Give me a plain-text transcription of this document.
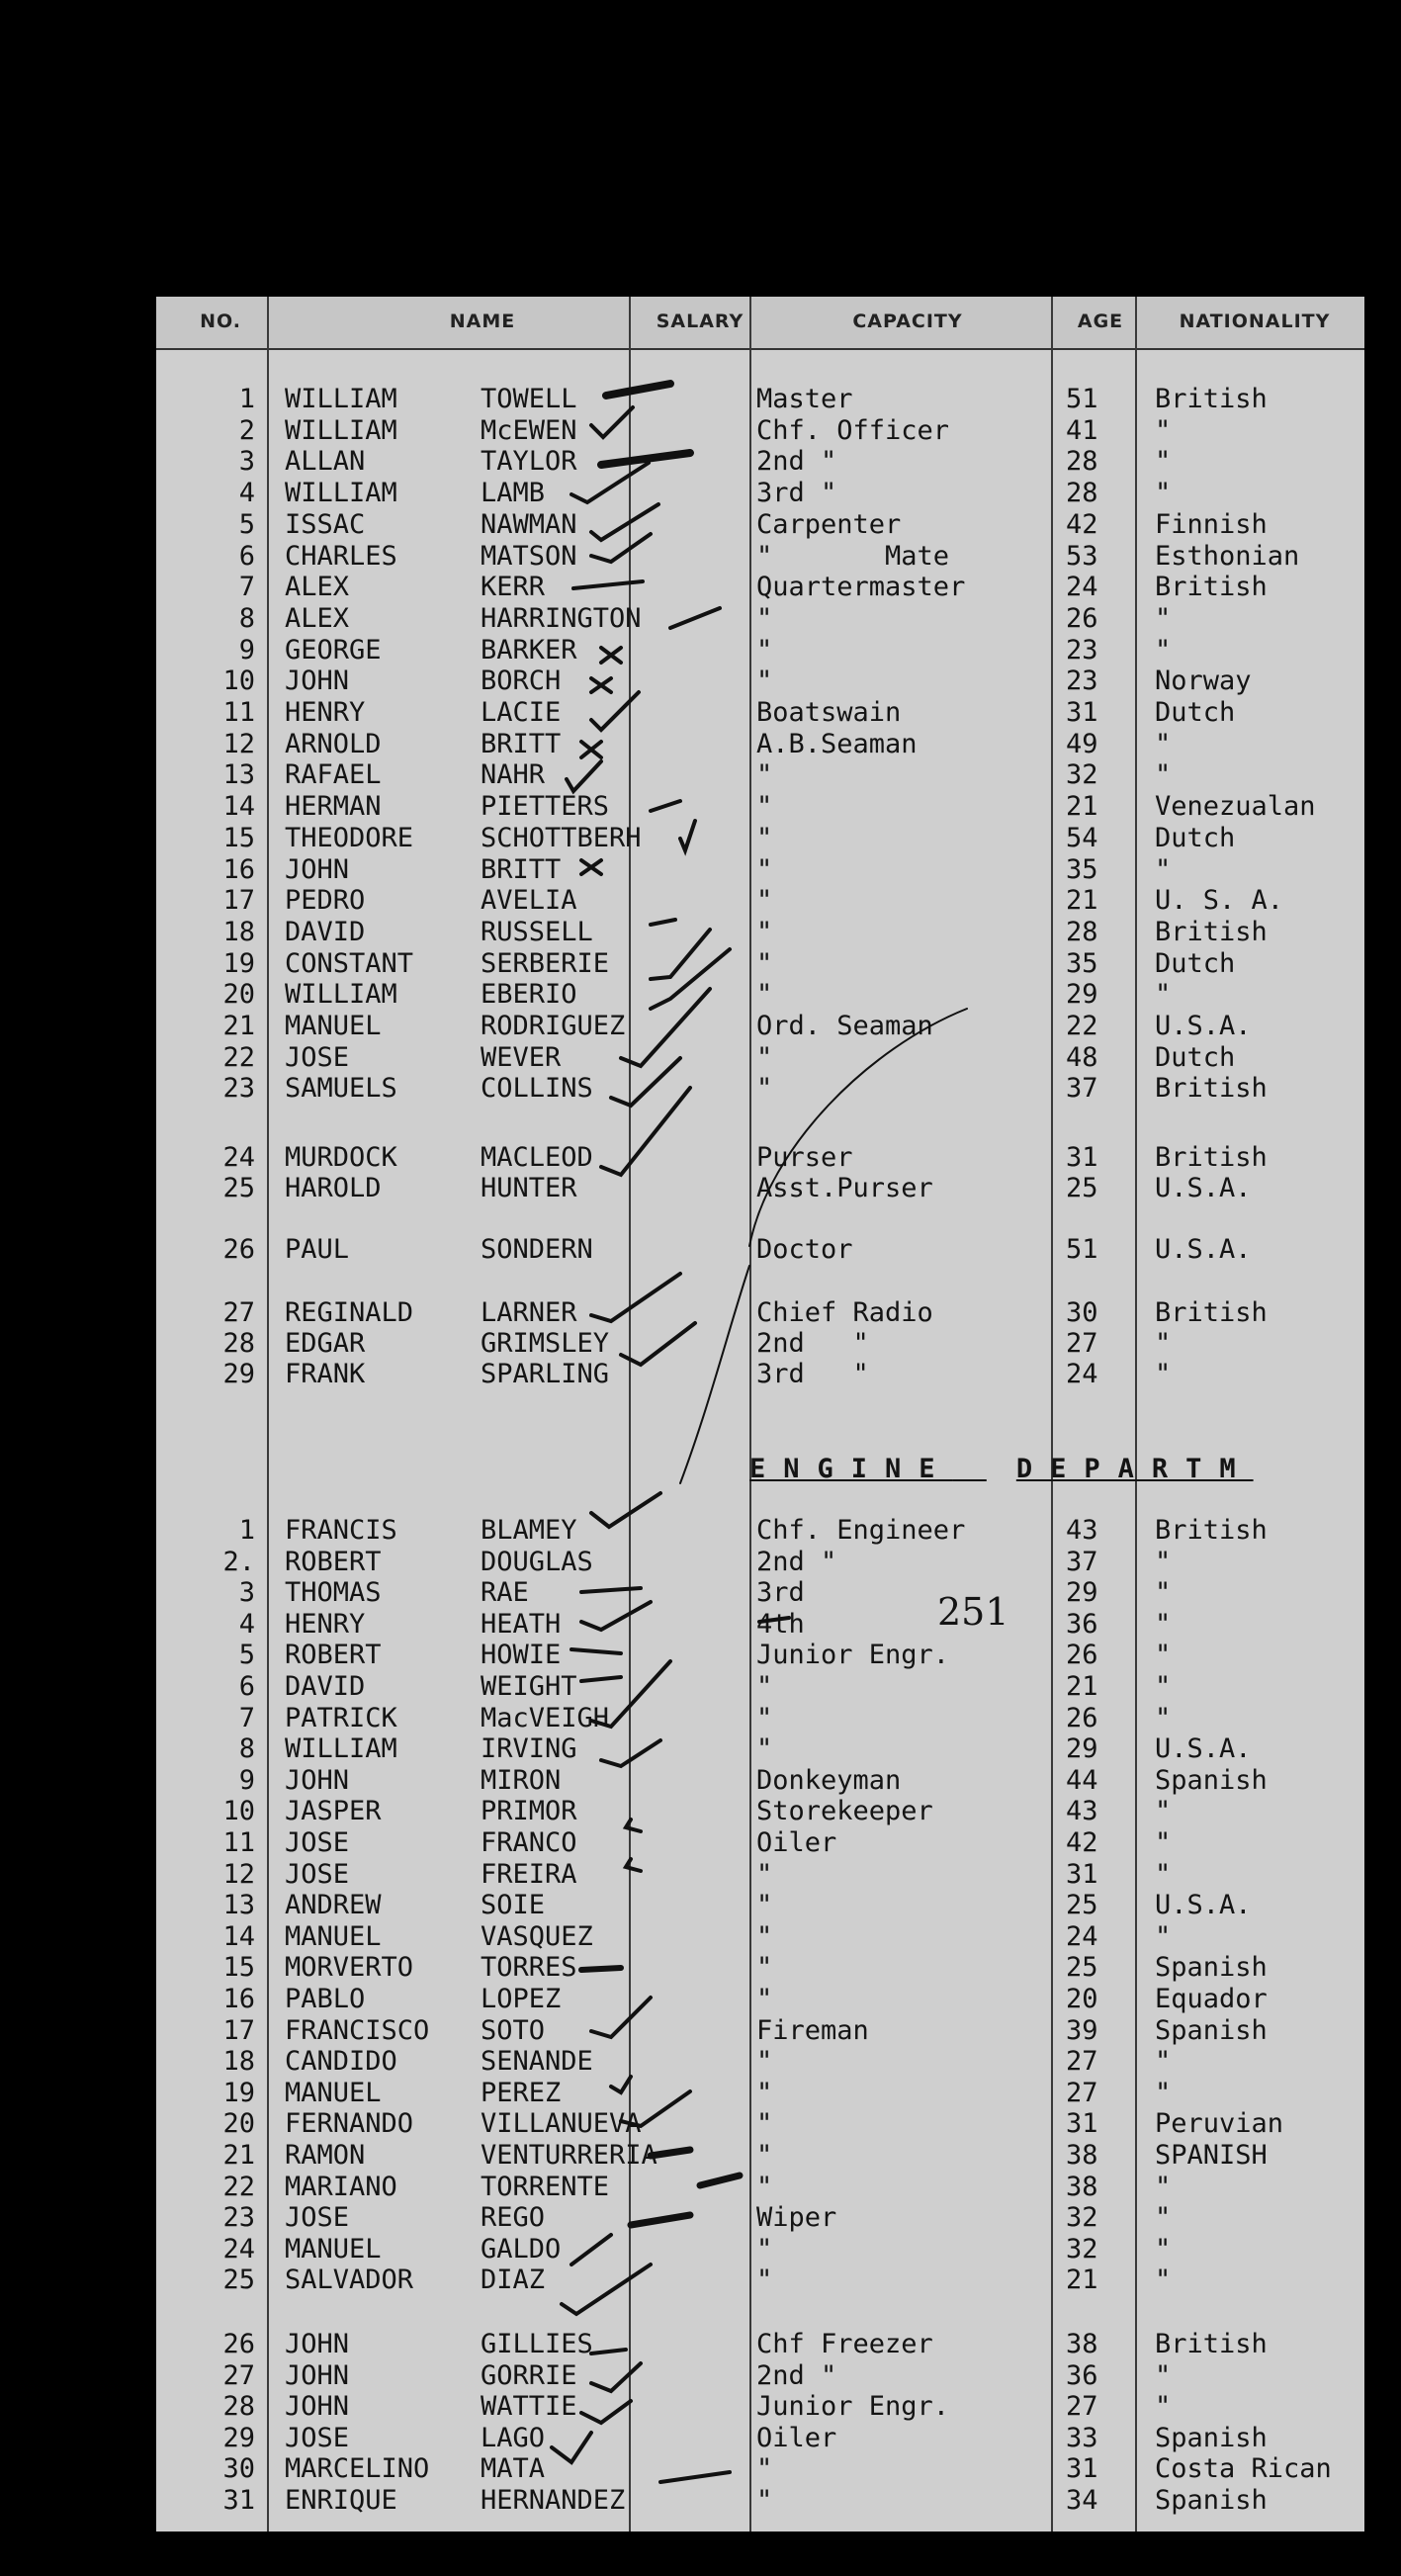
NO.	NAME	SALARY	CAPACITY	AGE	NATIONALITY
1 WILLIAM	TOWELL	Master	51 British
2 WILLIAM	McEWEN	Chf. Officer	41 "
3 ALLAN	TAYLOR	2nd "	28 "
4 WILLIAM	LAMB	3rd "	28 "
5 ISSAC	NAWMAN	Carpenter	42 Finnish
6 CHARLES	MATSON	"       Mate	53 Esthonian
7 ALEX	KERR	Quartermaster	24 British
8 ALEX	HARRINGTON	"	26 "
9 GEORGE	BARKER	"	23 "
10 JOHN	BORCH	"	23 Norway
11 HENRY	LACIE	Boatswain	31 Dutch
12 ARNOLD	BRITT	A.B.Seaman	49 "
13 RAFAEL	NAHR	"	32 "
14 HERMAN	PIETTERS	"	21 Venezualan
15 THEODORE	SCHOTTBERH	"	54 Dutch
16 JOHN	BRITT	"	35 "
17 PEDRO	AVELIA	"	21 U. S. A.
18 DAVID	RUSSELL	"	28 British
19 CONSTANT	SERBERIE	"	35 Dutch
20 WILLIAM	EBERIO	"	29 "
21 MANUEL	RODRIGUEZ	Ord. Seaman	22 U.S.A.
22 JOSE	WEVER	"	48 Dutch
23 SAMUELS	COLLINS	"	37 British
24 MURDOCK	MACLEOD	Purser	31 British
25 HAROLD	HUNTER	Asst.Purser	25 U.S.A.
26 PAUL	SONDERN	Doctor	51 U.S.A.
27 REGINALD	LARNER	Chief Radio	30 British
28 EDGAR	GRIMSLEY	2nd   "	27 "
29 FRANK	SPARLING	3rd   "	24 "
ENGINE DEPARTM
251
1 FRANCIS	BLAMEY	Chf. Engineer	43 British
2. ROBERT	DOUGLAS	2nd "	37 "
3 THOMAS	RAE	3rd	29 "
4 HENRY	HEATH	4th	36 "
5 ROBERT	HOWIE	Junior Engr.	26 "
6 DAVID	WEIGHT	"	21 "
7 PATRICK	MacVEIGH	"	26 "
8 WILLIAM	IRVING	"	29 U.S.A.
9 JOHN	MIRON	Donkeyman	44 Spanish
10 JASPER	PRIMOR	Storekeeper	43 "
11 JOSE	FRANCO	Oiler	42 "
12 JOSE	FREIRA	"	31 "
13 ANDREW	SOIE	"	25 U.S.A.
14 MANUEL	VASQUEZ	"	24 "
15 MORVERTO	TORRES	"	25 Spanish
16 PABLO	LOPEZ	"	20 Equador
17 FRANCISCO SOTO	Fireman	39 Spanish
18 CANDIDO	SENANDE	"	27 "
19 MANUEL	PEREZ	"	27 "
20 FERNANDO	VILLANUEVA	"	31 Peruvian
21 RAMON	VENTURRERIA	"	38 SPANISH
22 MARIANO	TORRENTE	"	38 "
23 JOSE	REGO	Wiper	32 "
24 MANUEL	GALDO	"	32 "
25 SALVADOR	DIAZ	"	21 "
26 JOHN	GILLIES	Chf Freezer	38 British
27 JOHN	GORRIE	2nd "	36 "
28 JOHN	WATTIE	Junior Engr.	27 "
29 JOSE	LAGO	Oiler	33 Spanish
30 MARCELINO MATA	"	31 Costa Rican
31 ENRIQUE	HERNANDEZ	"	34 Spanish
